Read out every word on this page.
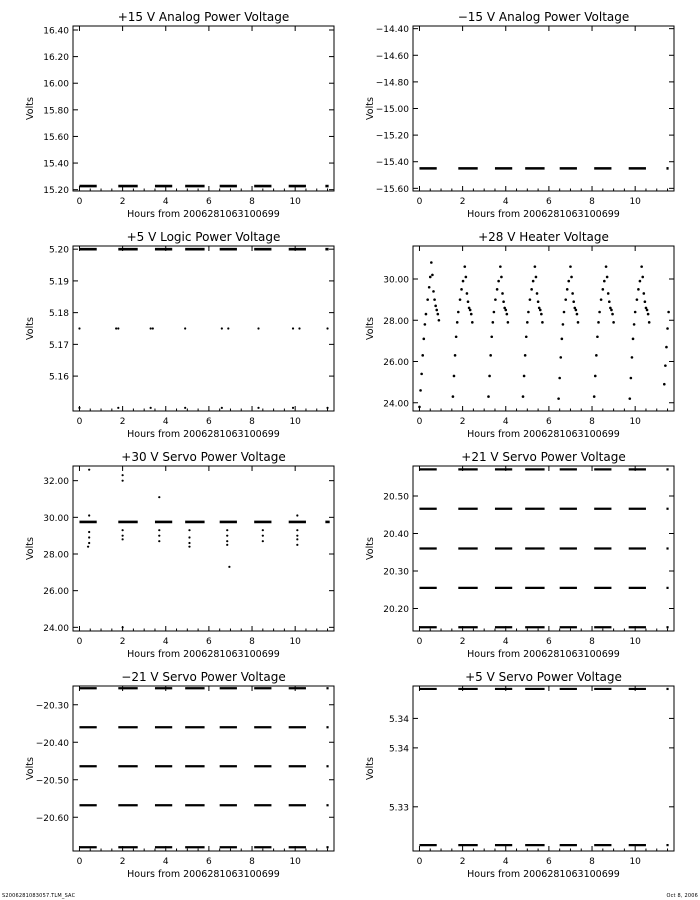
+15 V Analog Power Voltage
0	2	4	6	8	10
15.20
15.40
15.60
15.80
16.00
16.20
16.40
Hours from 2006281063100699
Volts
−15 V Analog Power Voltage
0	2	4	6	8	10
−15.60
−15.40
−15.20
−15.00
−14.80
−14.60
−14.40
Hours from 2006281063100699
Volts
+5 V Logic Power Voltage
0	2	4	6	8	10
5.16
5.17
5.18
5.19
5.20
Hours from 2006281063100699
Volts
+28 V Heater Voltage
0	2	4	6	8	10
24.00
26.00
28.00
30.00
Hours from 2006281063100699
Volts
+30 V Servo Power Voltage
0	2	4	6	8	10
24.00
26.00
28.00
30.00
32.00
Hours from 2006281063100699
Volts
+21 V Servo Power Voltage
0	2	4	6	8	10
20.20
20.30
20.40
20.50
Hours from 2006281063100699
Volts
−21 V Servo Power Voltage
0	2	4	6	8	10
−20.60
−20.50
−20.40
−20.30
Hours from 2006281063100699
Volts
+5 V Servo Power Voltage
0	2	4	6	8	10
5.33
5.34
5.34
Hours from 2006281063100699
Volts
S2006281083057.TLM_SAC	Oct 8, 2006
